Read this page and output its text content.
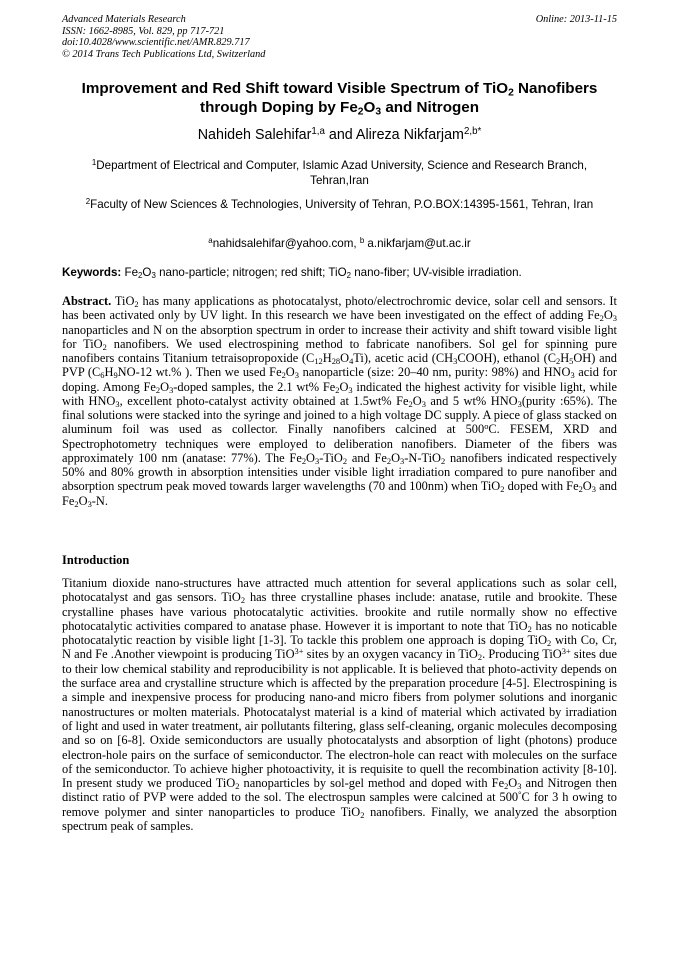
Advanced Materials Research
ISSN: 1662-8985, Vol. 829, pp 717-721
doi:10.4028/www.scientific.net/AMR.829.717
© 2014 Trans Tech Publications Ltd, Switzerland
Online: 2013-11-15
Improvement and Red Shift toward Visible Spectrum of TiO$_2$ Nanofibers
through Doping by $Fe_2O_3$ and Nitrogen
Nahideh Salehifar$^{1,a}$ and Alireza Nikfarjam$^{2,b*}$
$^1$Department of Electrical and Computer, Islamic Azad University, Science and Research Branch, Tehran,Iran
$^2$Faculty of New Sciences & Technologies, University of Tehran, P.O.BOX:14395-1561, Tehran, Iran
$^a$nahidsalehifar@yahoo.com, $^b$ a.nikfarjam@ut.ac.ir
Keywords: $Fe_2O_3$ nano-particle; nitrogen; red shift; TiO$_2$ nano-fiber; UV-visible irradiation.
Abstract. TiO$_2$ has many applications as photocatalyst, photo/electrochromic device, solar cell and sensors. It has been activated only by UV light. In this research we have been investigated on the effect of adding $Fe_2O_3$ nanoparticles and N on the absorption spectrum in order to increase their activity and shift toward visible light for TiO$_2$ nanofibers. We used electrospining method to fabricate nanofibers. Sol gel for spinning pure nanofibers contains Titanium tetraisopropoxide $(C_{12}H_{28}O_4Ti)$, acetic acid $(CH_3COOH)$, ethanol $(C_2H_5OH)$ and PVP ($C_6H_9NO-12$ wt.% ). Then we used $Fe_2O_3$ nanoparticle (size: 20–40 nm, purity: 98%) and $HNO_3$ acid for doping. Among $Fe_2O_3$-doped samples, the 2.1 wt% $Fe_2O_3$ indicated the highest activity for visible light, while with $HNO_3$, excellent photo-catalyst activity obtained at 1.5wt% $Fe_2O_3$ and 5 wt% $HNO_3(purity$ :65%). The final solutions were stacked into the syringe and joined to a high voltage DC supply. A piece of glass stacked on aluminum foil was used as collector. Finally nanofibers calcined at 500$^o$C. FESEM, XRD and Spectrophotometry techniques were employed to deliberation nanofibers. Diameter of the fibers was approximately 100 nm (anatase: 77%). The $Fe_2O_3-TiO_2$ and $Fe_2O_3-N-TiO_2$ nanofibers indicated respectively 50% and 80% growth in absorption intensities under visible light irradiation compared to pure nanofiber and absorption spectrum peak moved towards larger wavelengths (70 and 100nm) when TiO$_2$ doped with $Fe_2O_3$ and $Fe_2O_3-N$.
Introduction
Titanium dioxide nano-structures have attracted much attention for several applications such as solar cell, photocatalyst and gas sensors. TiO$_2$ has three crystalline phases include: anatase, rutile and brookite. These crystalline phases have various photocatalytic activities. brookite and rutile normally show no effective photocatalytic activities compared to anatase phase. However it is important to note that TiO$_2$ has no noticable photocatalytic reaction by visible light [1-3]. To tackle this problem one approach is doping TiO$_2$ with Co, Cr, N and Fe .Another viewpoint is producing TiO$^{3+}$ sites by an oxygen vacancy in TiO$_2$. Producing TiO$^{3+}$ sites due to their low chemical stability and reproducibility is not applicable. It is believed that photo-activity depends on the surface area and crystalline structure which is affected by the preparation procedure [4-5]. Electrospining is a simple and inexpensive process for producing nano-and micro fibers from polymer solutions and inorganic nanostructures or molten materials. Photocatalyst material is a kind of material which activated by irradiation of light and used in water treatment, air pollutants filtering, glass self-cleaning, organic molecules decomposing and so on [6-8]. Oxide semiconductors are usually photocatalysts and absorption of light (photons) produce electron-hole pairs on the surface of semiconductor. The electron-hole can react with molecules on the surface of the semiconductor. To achieve higher photoactivity, it is requisite to quell the recombination activity [8-10]. In present study we produced TiO$_2$ nanoparticles by sol-gel method and doped with $Fe_2O_3$ and Nitrogen then distinct ratio of PVP were added to the sol. The electrospun samples were calcined at 500°C for 3 h owing to remove polymer and sinter nanoparticles to produce TiO$_2$ nanofibers. Finally, we analyzed the absorption spectrum peak of samples.
